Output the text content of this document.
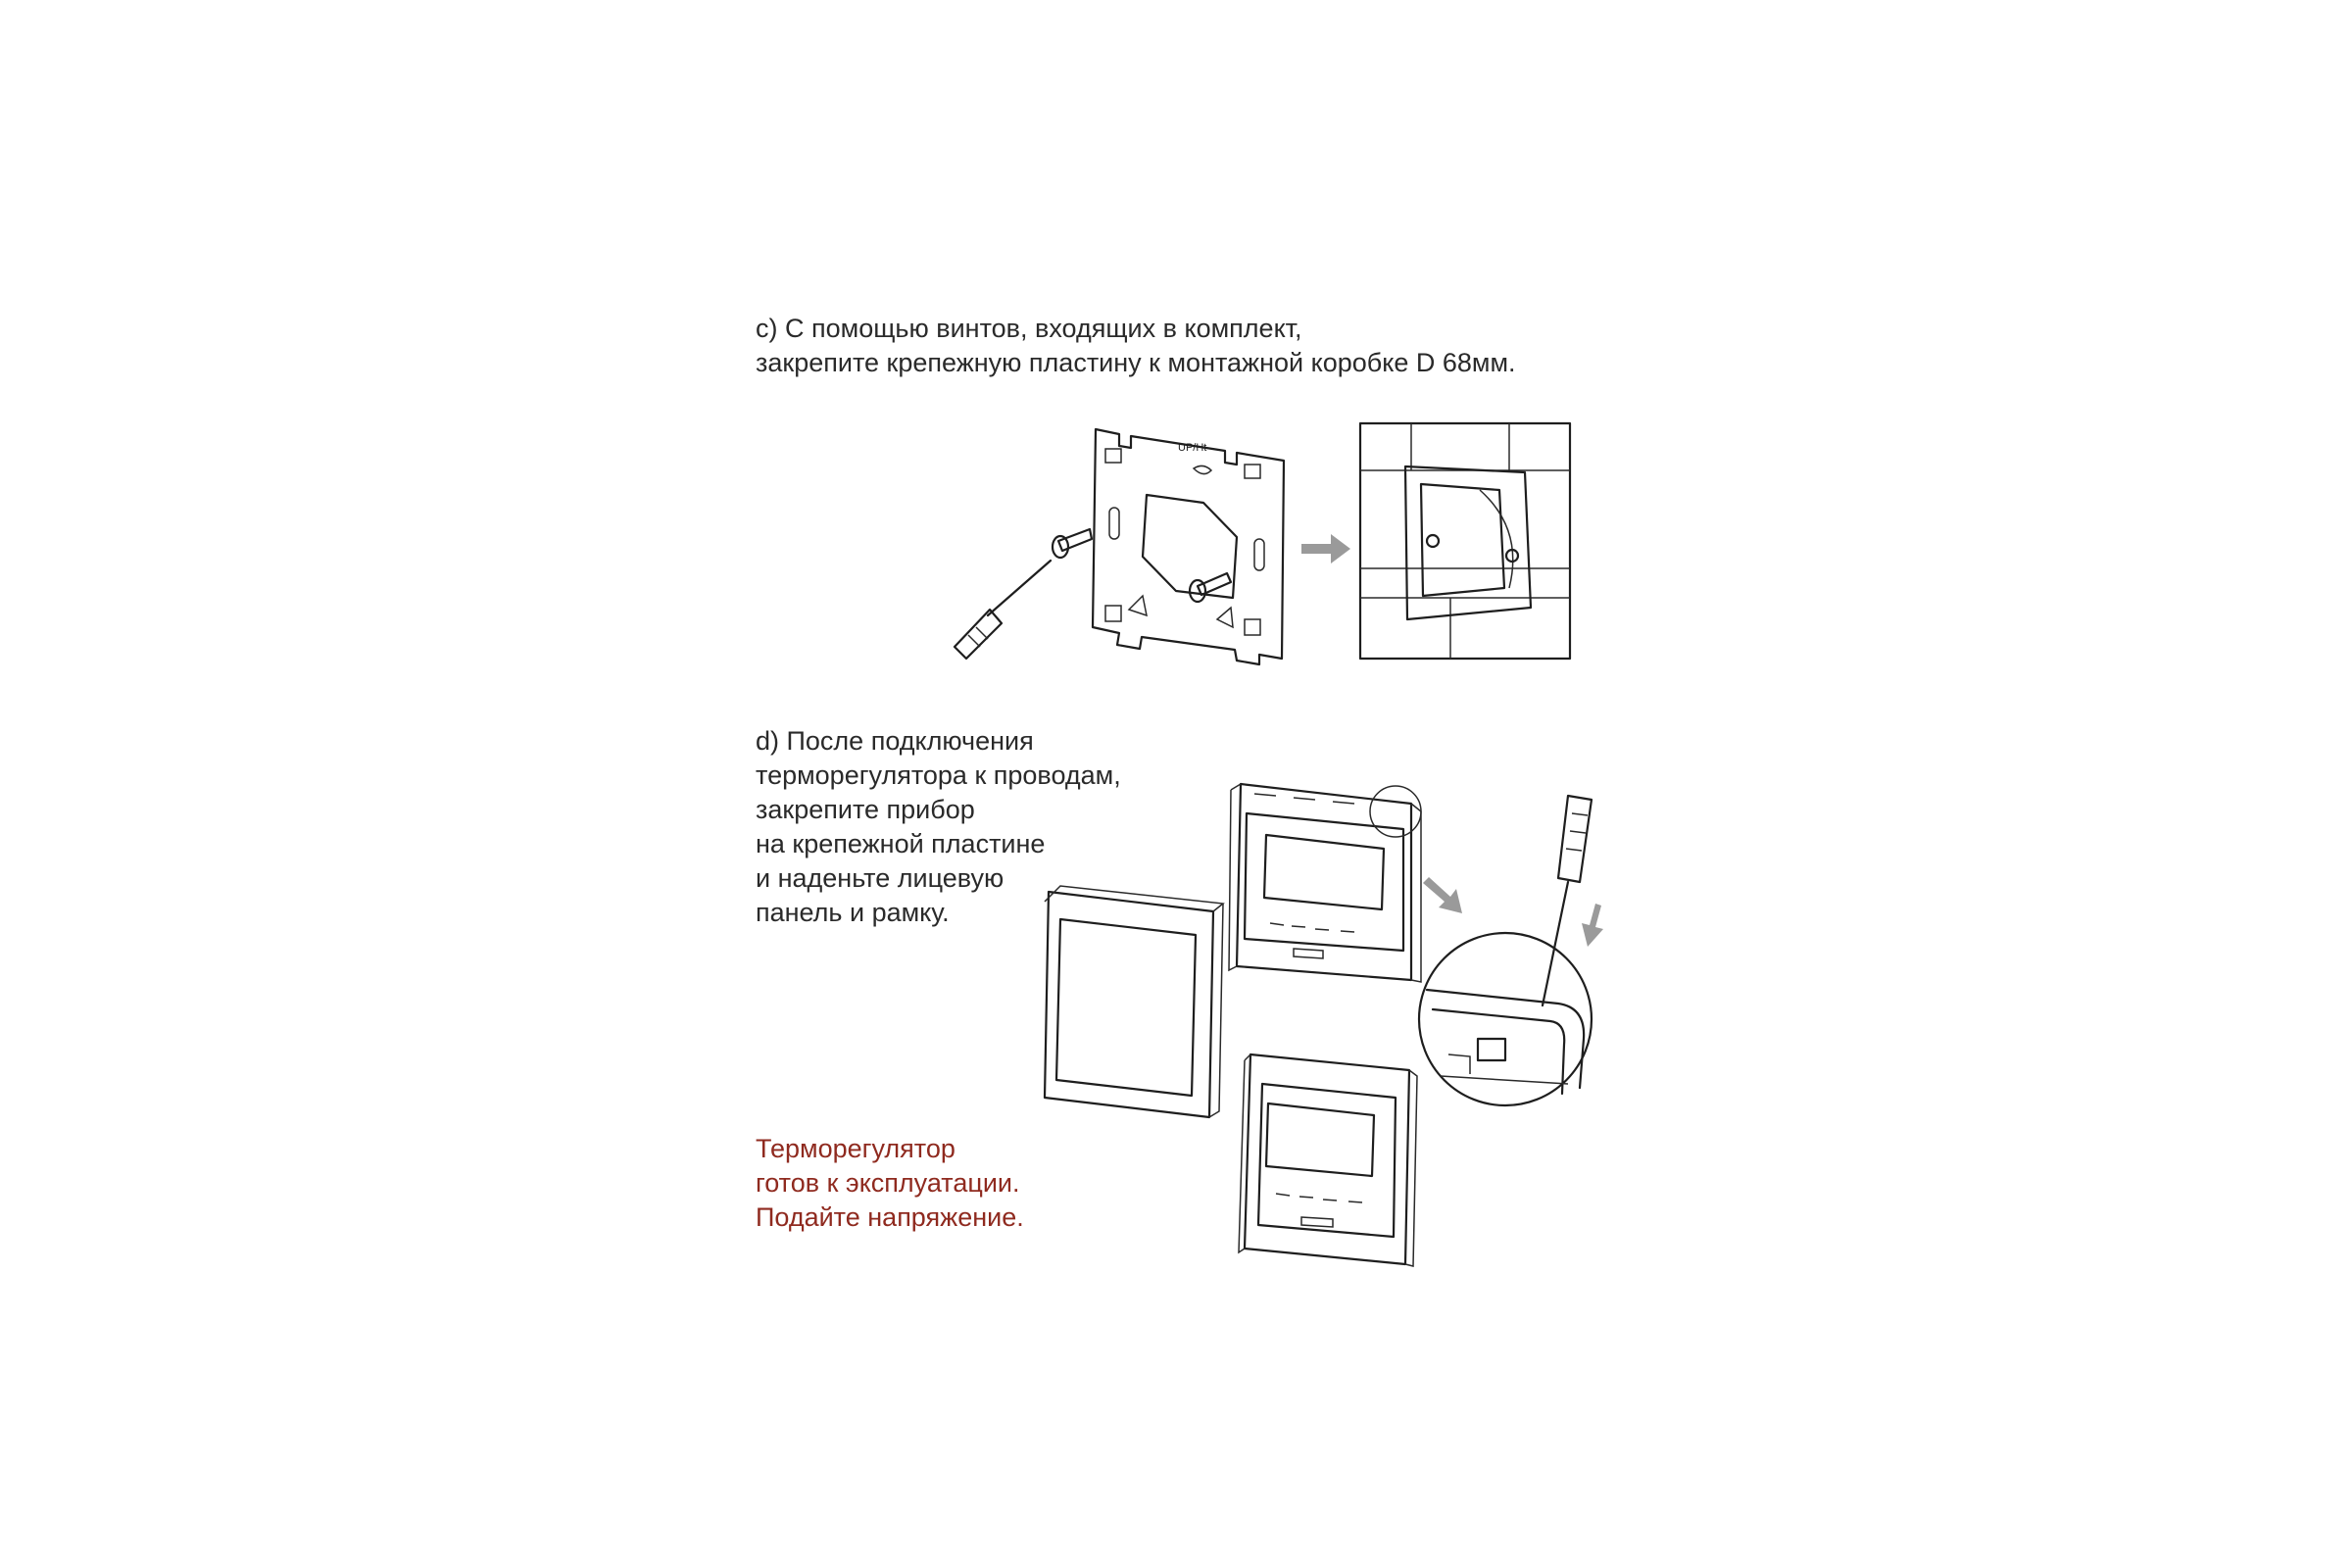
c) С помощью винтов, входящих в комплект,
закрепите крепежную пластину к монтажной коробке D 68мм.

d) После подключения
терморегулятора к проводам,
закрепите прибор
на крепежной пластине
и наденьте лицевую
панель и рамку.

Терморегулятор
готов к эксплуатации.
Подайте напряжение.

UP/Ht
